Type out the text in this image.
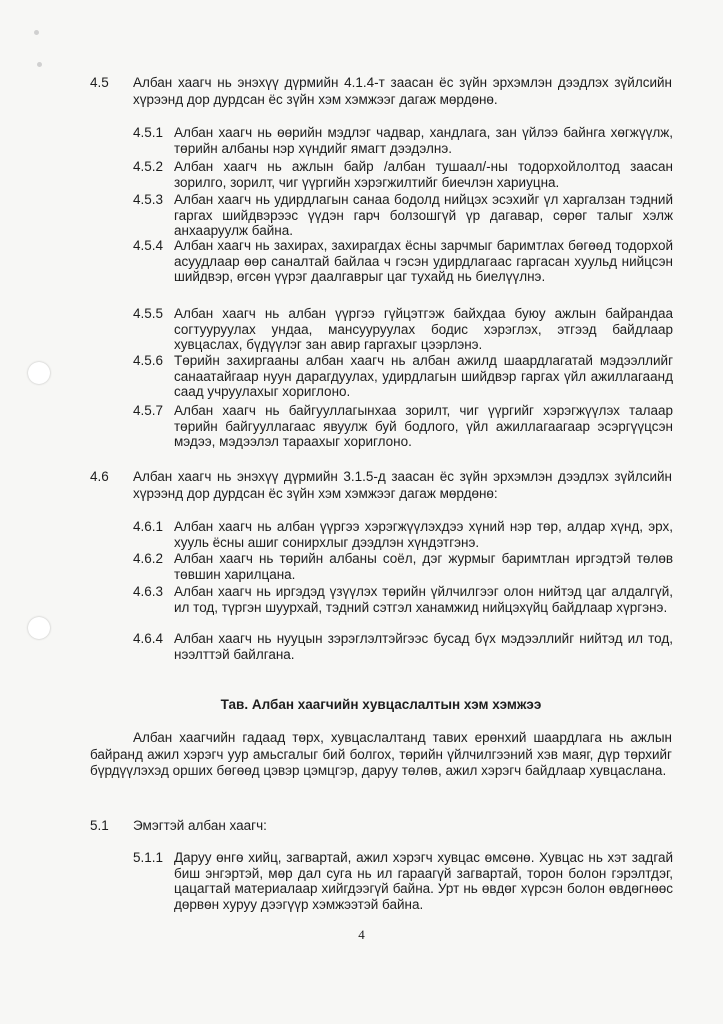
4.5	Албан хаагч нь энэхүү дүрмийн 4.1.4-т заасан ёс зүйн эрхэмлэн дээдлэх зүйлсийн хүрээнд дор дурдсан ёс зүйн хэм хэмжээг дагаж мөрдөнө.
4.5.1 Албан хаагч нь өөрийн мэдлэг чадвар, хандлага, зан үйлээ байнга хөгжүүлж, төрийн албаны нэр хүндийг ямагт дээдэлнэ.
4.5.2 Албан хаагч нь ажлын байр /албан тушаал/-ны тодорхойлолтод заасан зорилго, зорилт, чиг үүргийн хэрэгжилтийг биечлэн хариуцна.
4.5.3 Албан хаагч нь удирдлагын санаа бодолд нийцэх эсэхийг үл харгалзан тэдний гаргах шийдвэрээс үүдэн гарч болзошгүй үр дагавар, сөрөг талыг хэлж анхааруулж байна.
4.5.4 Албан хаагч нь захирах, захирагдах ёсны зарчмыг баримтлах бөгөөд тодорхой асуудлаар өөр саналтай байлаа ч гэсэн удирдлагаас гаргасан хуульд нийцсэн шийдвэр, өгсөн үүрэг даалгаврыг цаг тухайд нь биелүүлнэ.
4.5.5 Албан хаагч нь албан үүргээ гүйцэтгэж байхдаа буюу ажлын байрандаа согтууруулах ундаа, мансууруулах бодис хэрэглэх, этгээд байдлаар хувцаслах, бүдүүлэг зан авир гаргахыг цээрлэнэ.
4.5.6 Төрийн захиргааны албан хаагч нь албан ажилд шаардлагатай мэдээллийг санаатайгаар нуун дарагдуулах, удирдлагын шийдвэр гаргах үйл ажиллагаанд саад учруулахыг хориглоно.
4.5.7 Албан хаагч нь байгууллагынхаа зорилт, чиг үүргийг хэрэгжүүлэх талаар төрийн байгууллагаас явуулж буй бодлого, үйл ажиллагаагаар эсэргүүцсэн мэдээ, мэдээлэл тараахыг хориглоно.
4.6	Албан хаагч нь энэхүү дүрмийн 3.1.5-д заасан ёс зүйн эрхэмлэн дээдлэх зүйлсийн хүрээнд дор дурдсан ёс зүйн хэм хэмжээг дагаж мөрдөнө:
4.6.1 Албан хаагч нь албан үүргээ хэрэгжүүлэхдээ хүний нэр төр, алдар хүнд, эрх, хууль ёсны ашиг сонирхлыг дээдлэн хүндэтгэнэ.
4.6.2 Албан хаагч нь төрийн албаны соёл, дэг журмыг баримтлан иргэдтэй төлөв төвшин харилцана.
4.6.3 Албан хаагч нь иргэдэд үзүүлэх төрийн үйлчилгээг олон нийтэд цаг алдалгүй, ил тод, түргэн шуурхай, тэдний сэтгэл ханамжид нийцэхүйц байдлаар хүргэнэ.
4.6.4 Албан хаагч нь нууцын зэрэглэлтэйгээс бусад бүх мэдээллийг нийтэд ил тод, нээлттэй байлгана.
Тав. Албан хаагчийн хувцаслалтын хэм хэмжээ
Албан хаагчийн гадаад төрх, хувцаслалтанд тавих ерөнхий шаардлага нь ажлын байранд ажил хэрэгч уур амьсгалыг бий болгох, төрийн үйлчилгээний хэв маяг, дүр төрхийг бүрдүүлэхэд орших бөгөөд цэвэр цэмцгэр, даруу төлөв, ажил хэрэгч байдлаар хувцаслана.
5.1	Эмэгтэй албан хаагч:
5.1.1 Даруу өнгө хийц, загвартай, ажил хэрэгч хувцас өмсөнө. Хувцас нь хэт задгай биш энгэртэй, мөр дал суга нь ил гараагүй загвартай, торон болон гэрэлтдэг, цацагтай материалаар хийгдээгүй байна. Урт нь өвдөг хүрсэн болон өвдөгнөөс дөрвөн хуруу дээгүүр хэмжээтэй байна.
4
